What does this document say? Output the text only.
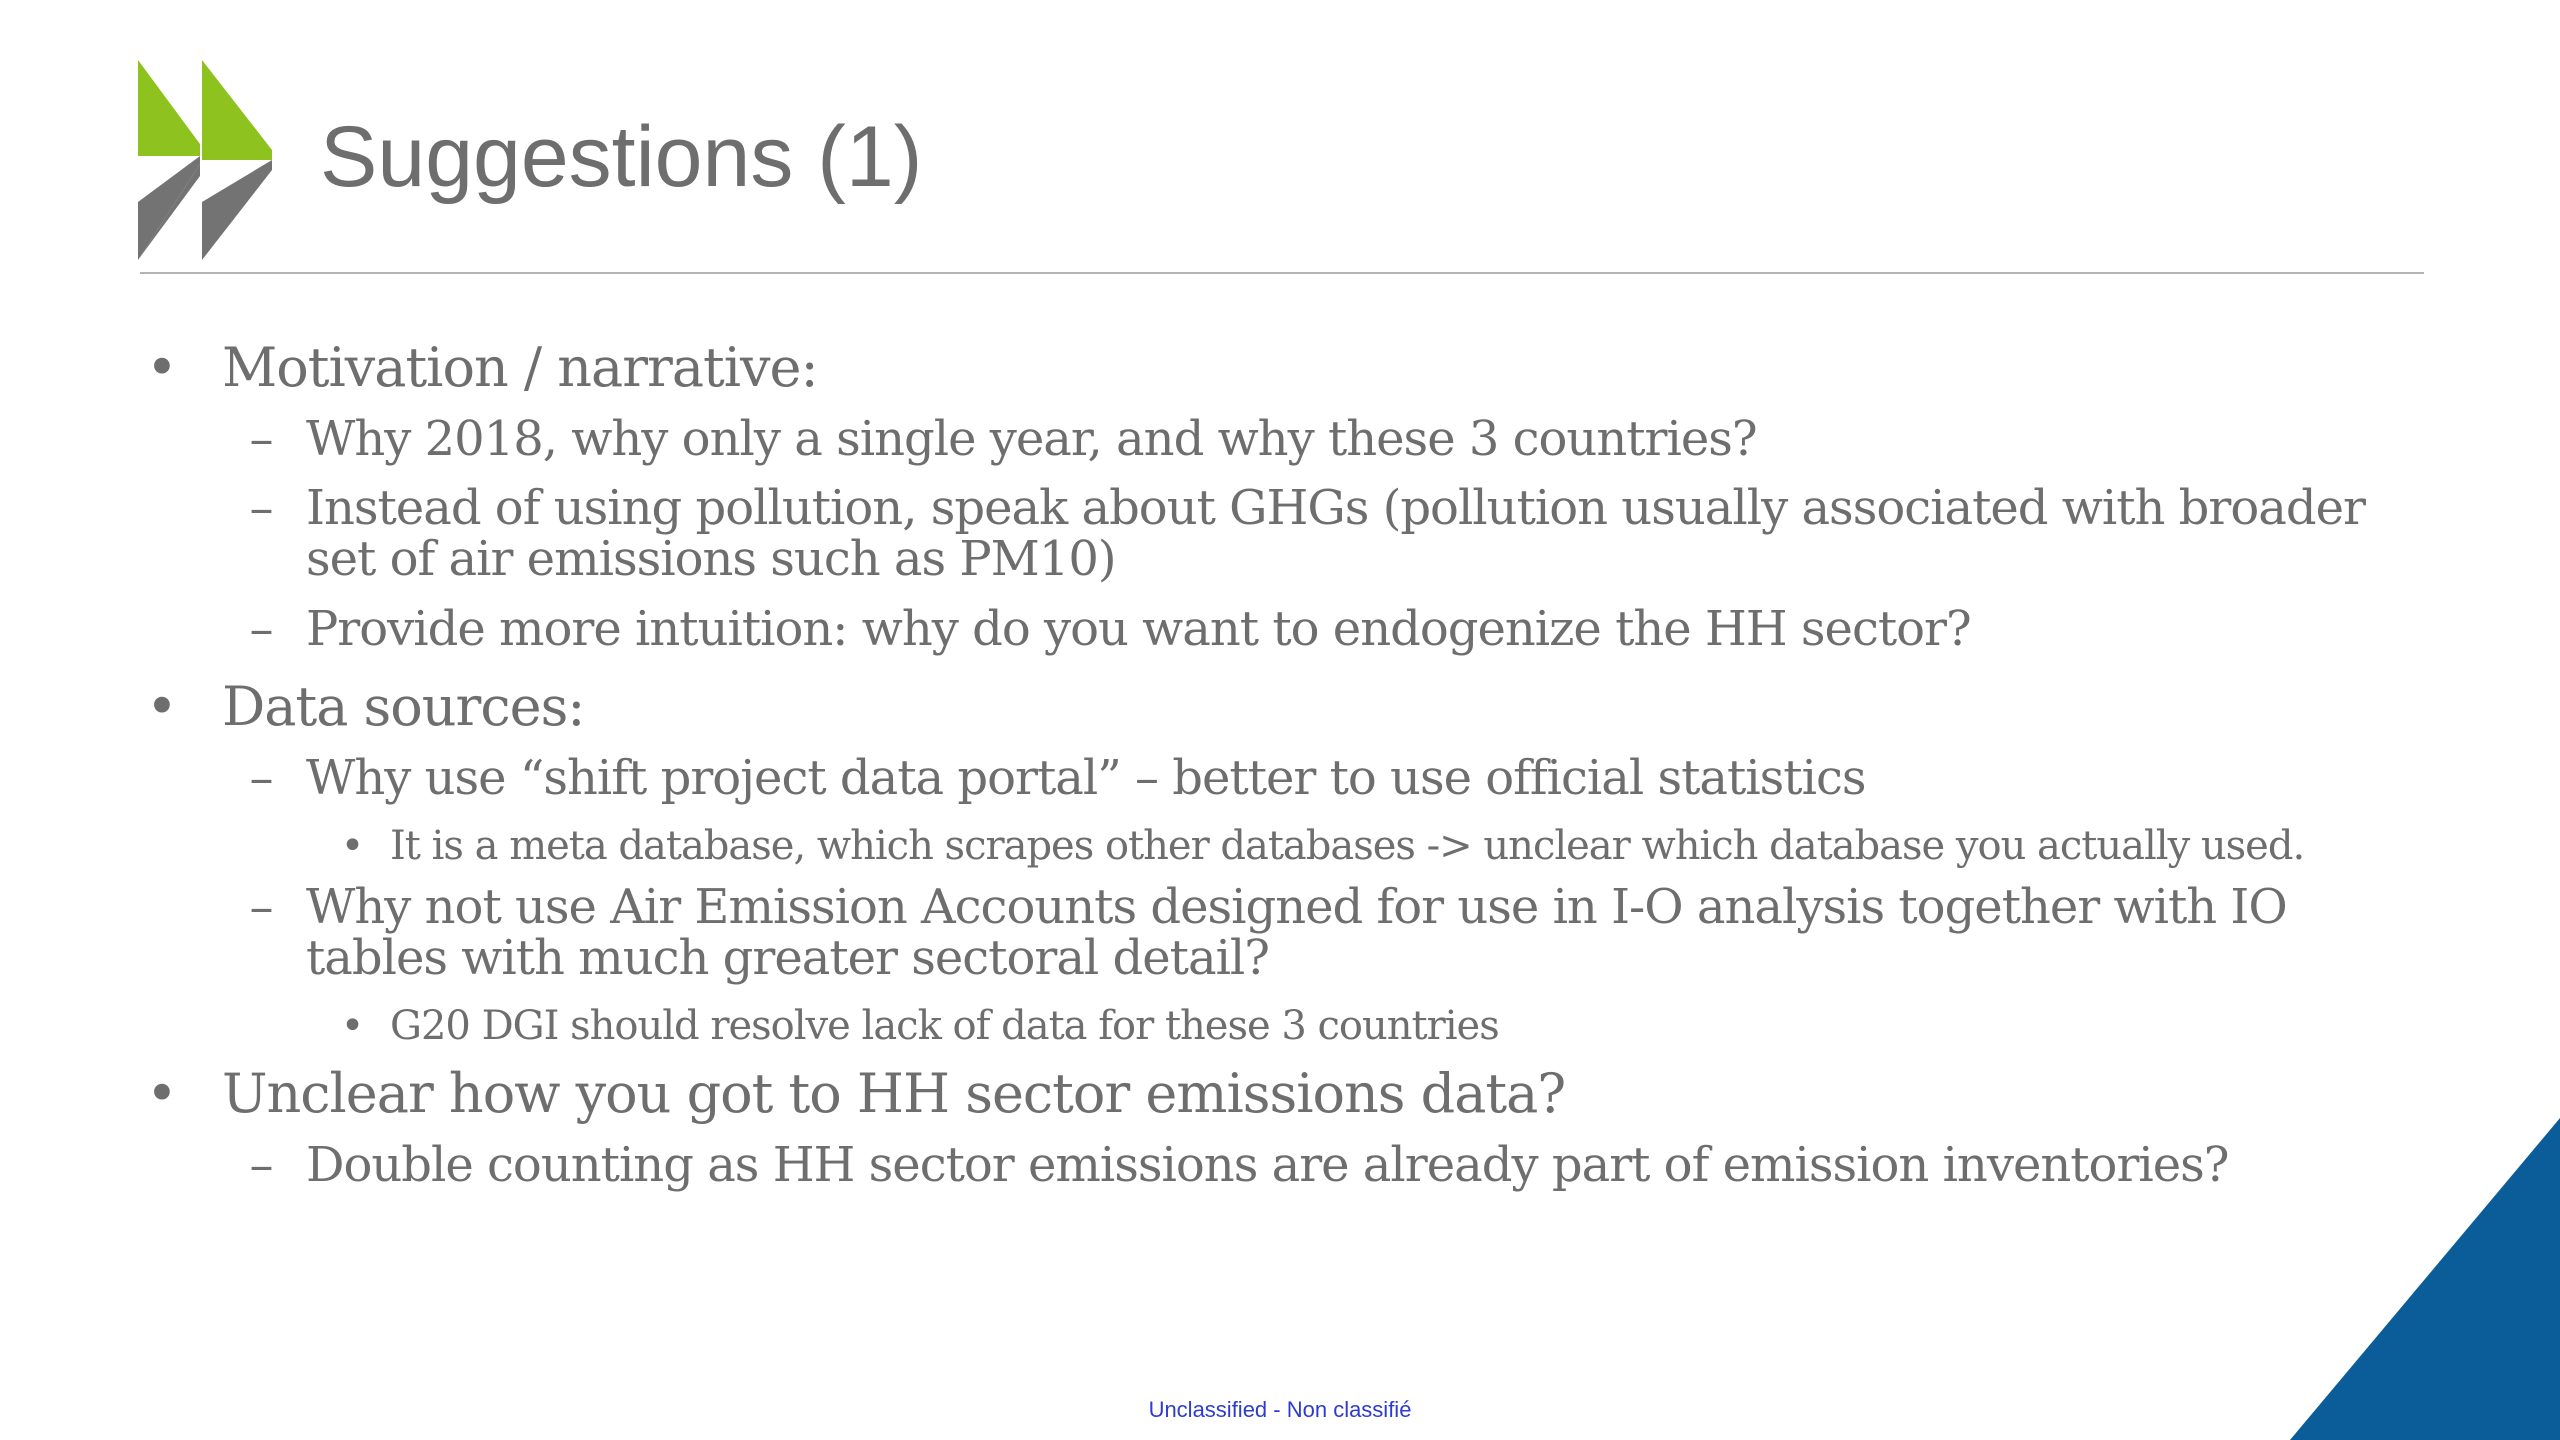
Suggestions (1)
• Motivation / narrative:
– Why 2018, why only a single year, and why these 3 countries?
– Instead of using pollution, speak about GHGs (pollution usually associated with broader
set of air emissions such as PM10)
– Provide more intuition: why do you want to endogenize the HH sector?
• Data sources:
– Why use “shift project data portal” – better to use official statistics
• It is a meta database, which scrapes other databases -> unclear which database you actually used.
– Why not use Air Emission Accounts designed for use in I-O analysis together with IO
tables with much greater sectoral detail?
• G20 DGI should resolve lack of data for these 3 countries
• Unclear how you got to HH sector emissions data?
– Double counting as HH sector emissions are already part of emission inventories?
Unclassified - Non classifié
